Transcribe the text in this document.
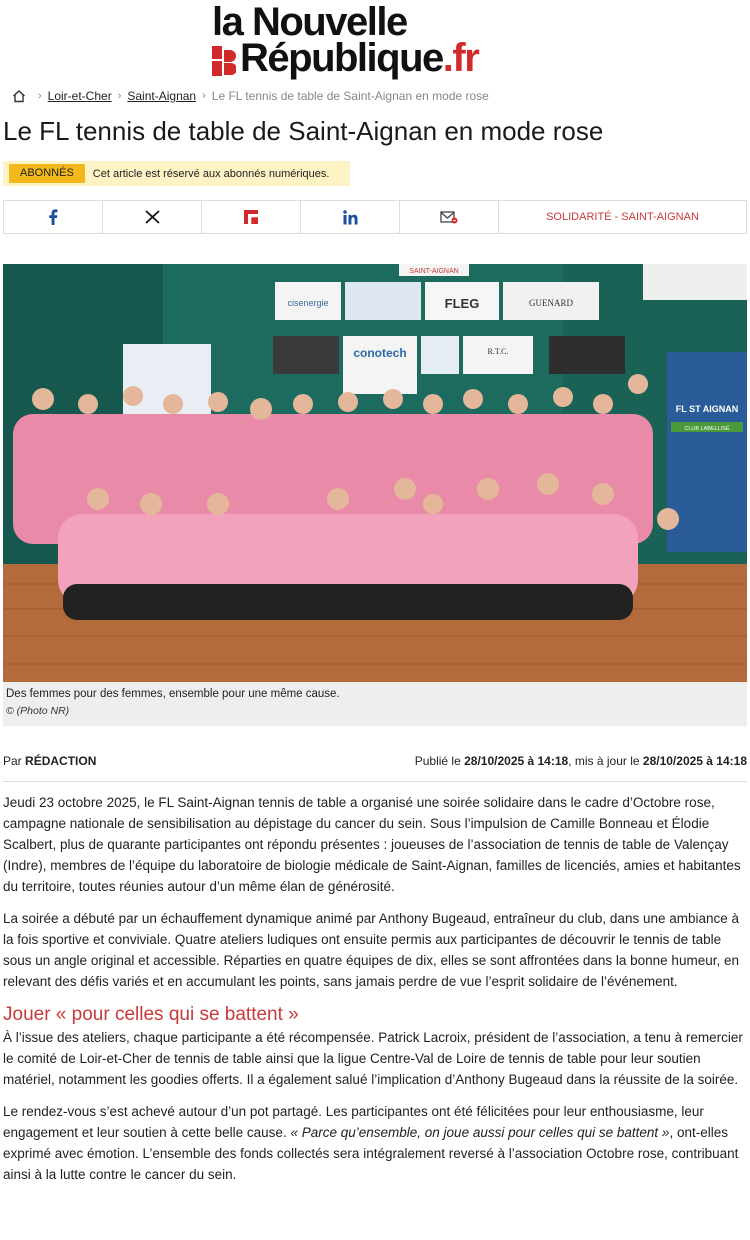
la Nouvelle
République.fr
› Loir-et-Cher › Saint-Aignan › Le FL tennis de table de Saint-Aignan en mode rose
Le FL tennis de table de Saint-Aignan en mode rose
ABONNÉS	Cet article est réservé aux abonnés numériques.
SOLIDARITÉ - SAINT-AIGNAN
cisenergie
SAINT-AIGNAN
FLEG	GUENARD
conotech	R.T.C.
FL ST AIGNAN
CLUB LABELLISÉ
Des femmes pour des femmes, ensemble pour une même cause.
© (Photo NR)
Par RÉDACTION	Publié le 28/10/2025 à 14:18, mis à jour le 28/10/2025 à 14:18

Jeudi 23 octobre 2025, le FL Saint-Aignan tennis de table a organisé une soirée solidaire dans le cadre d’Octobre rose, campagne nationale de sensibilisation au dépistage du cancer du sein. Sous l’impulsion de Camille Bonneau et Élodie Scalbert, plus de quarante participantes ont répondu présentes : joueuses de l’association de tennis de table de Valençay (Indre), membres de l’équipe du laboratoire de biologie médicale de Saint-Aignan, familles de licenciés, amies et habitantes du territoire, toutes réunies autour d’un même élan de générosité.

La soirée a débuté par un échauffement dynamique animé par Anthony Bugeaud, entraîneur du club, dans une ambiance à la fois sportive et conviviale. Quatre ateliers ludiques ont ensuite permis aux participantes de découvrir le tennis de table sous un angle original et accessible. Réparties en quatre équipes de dix, elles se sont affrontées dans la bonne humeur, en relevant des défis variés et en accumulant les points, sans jamais perdre de vue l’esprit solidaire de l’événement.

Jouer « pour celles qui se battent »

À l’issue des ateliers, chaque participante a été récompensée. Patrick Lacroix, président de l’association, a tenu à remercier le comité de Loir-et-Cher de tennis de table ainsi que la ligue Centre-Val de Loire de tennis de table pour leur soutien matériel, notamment les goodies offerts. Il a également salué l’implication d’Anthony Bugeaud dans la réussite de la soirée.

Le rendez-vous s’est achevé autour d’un pot partagé. Les participantes ont été félicitées pour leur enthousiasme, leur engagement et leur soutien à cette belle cause. « Parce qu’ensemble, on joue aussi pour celles qui se battent », ont-elles exprimé avec émotion. L’ensemble des fonds collectés sera intégralement reversé à l’association Octobre rose, contribuant ainsi à la lutte contre le cancer du sein.
